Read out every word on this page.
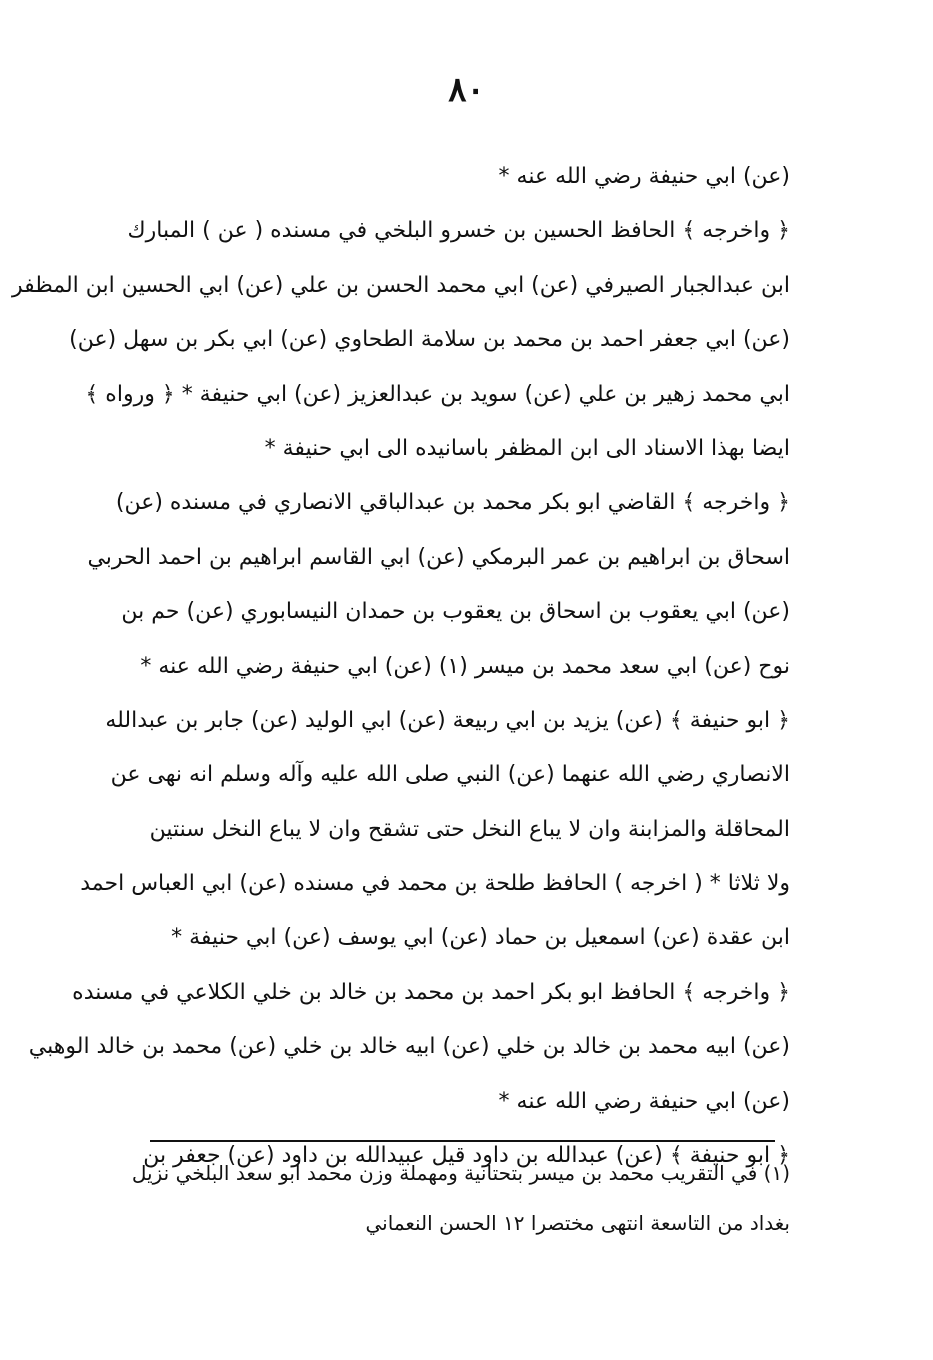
٨٠
(عن) ابي حنيفة رضي الله عنه *
﴿ واخرجه ﴾ الحافظ الحسين بن خسرو البلخي في مسنده ( عن ) المبارك
ابن عبدالجبار الصيرفي (عن) ابي محمد الحسن بن علي (عن) ابي الحسين ابن المظفر
(عن) ابي جعفر احمد بن محمد بن سلامة الطحاوي (عن) ابي بكر بن سهل (عن)
ابي محمد زهير بن علي (عن) سويد بن عبدالعزيز (عن) ابي حنيفة * ﴿ ورواه ﴾
ايضا بهذا الاسناد الى ابن المظفر باسانيده الى ابي حنيفة *
﴿ واخرجه ﴾ القاضي ابو بكر محمد بن عبدالباقي الانصاري في مسنده (عن)
اسحاق بن ابراهيم بن عمر البرمكي (عن) ابي القاسم ابراهيم بن احمد الحربي
(عن) ابي يعقوب بن اسحاق بن يعقوب بن حمدان النيسابوري (عن) حم بن
نوح (عن) ابي سعد محمد بن ميسر (١) (عن) ابي حنيفة رضي الله عنه *
﴿ ابو حنيفة ﴾ (عن) يزيد بن ابي ربيعة (عن) ابي الوليد (عن) جابر بن عبدالله
الانصاري رضي الله عنهما (عن) النبي صلى الله عليه وآله وسلم انه نهى عن
المحاقلة والمزابنة وان لا يباع النخل حتى تشقح وان لا يباع النخل سنتين
ولا ثلاثا * ( اخرجه ) الحافظ طلحة بن محمد في مسنده (عن) ابي العباس احمد
ابن عقدة (عن) اسمعيل بن حماد (عن) ابي يوسف (عن) ابي حنيفة *
﴿ واخرجه ﴾ الحافظ ابو بكر احمد بن محمد بن خالد بن خلي الكلاعي في مسنده
(عن) ابيه محمد بن خالد بن خلي (عن) ابيه خالد بن خلي (عن) محمد بن خالد الوهبي
(عن) ابي حنيفة رضي الله عنه *
﴿ ابو حنيفة ﴾ (عن) عبدالله بن داود قيل عبيدالله بن داود (عن) جعفر بن
(١) في التقريب محمد بن ميسر بتحتانية ومهملة وزن محمد ابو سعد البلخي نزيل
بغداد من التاسعة انتهى مختصرا ١٢ الحسن النعماني
